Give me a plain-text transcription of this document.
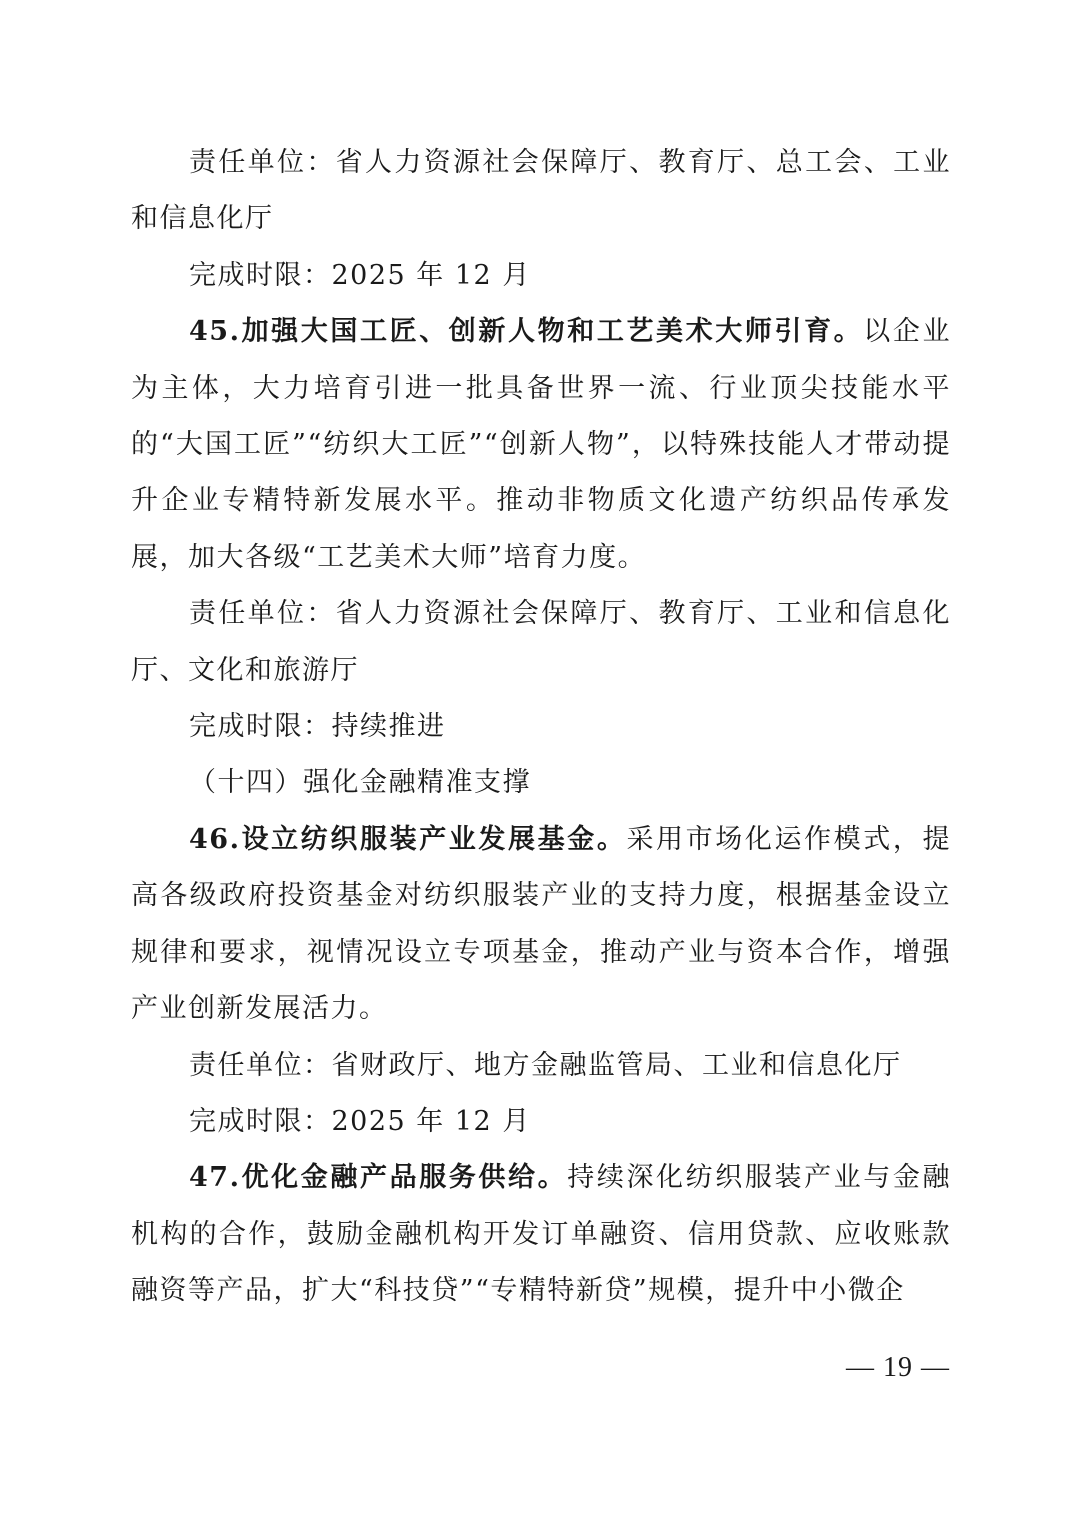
责任单位：省人力资源社会保障厅、教育厅、总工会、工业和信息化厅

完成时限：2025 年 12 月

45.加强大国工匠、创新人物和工艺美术大师引育。以企业为主体，大力培育引进一批具备世界一流、行业顶尖技能水平的“大国工匠”“纺织大工匠”“创新人物”，以特殊技能人才带动提升企业专精特新发展水平。推动非物质文化遗产纺织品传承发展，加大各级“工艺美术大师”培育力度。

责任单位：省人力资源社会保障厅、教育厅、工业和信息化厅、文化和旅游厅

完成时限：持续推进

（十四）强化金融精准支撑

46.设立纺织服装产业发展基金。采用市场化运作模式，提高各级政府投资基金对纺织服装产业的支持力度，根据基金设立规律和要求，视情况设立专项基金，推动产业与资本合作，增强产业创新发展活力。

责任单位：省财政厅、地方金融监管局、工业和信息化厅

完成时限：2025 年 12 月

47.优化金融产品服务供给。持续深化纺织服装产业与金融机构的合作，鼓励金融机构开发订单融资、信用贷款、应收账款融资等产品，扩大“科技贷”“专精特新贷”规模，提升中小微企

— 19 —
